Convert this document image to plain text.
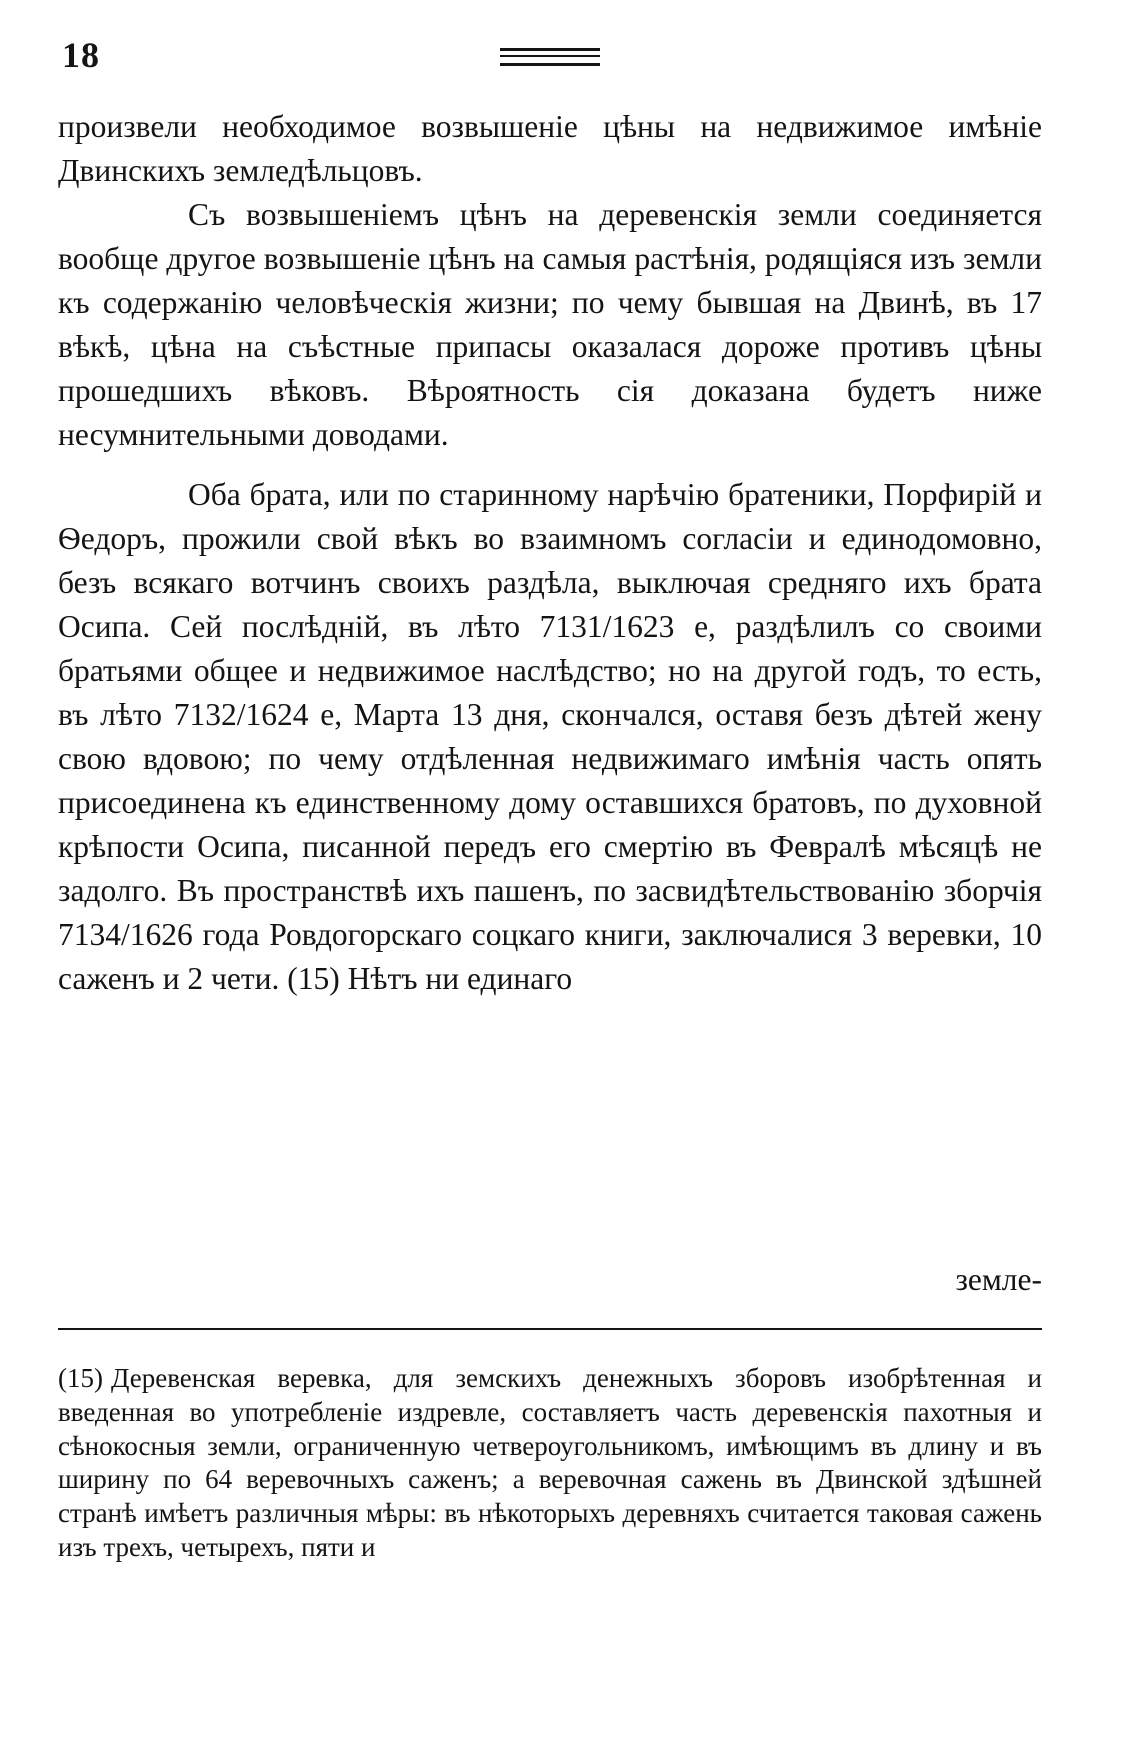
18

произвели необходимое возвышеніе цѣны на недвижимое имѣніе Двинскихъ земледѣльцовъ.

Съ возвышеніемъ цѣнъ на деревенскія земли соединяется вообще другое возвышеніе цѣнъ на самыя растѣнія, родящіяся изъ земли къ содержанію человѣческія жизни; по чему бывшая на Двинѣ, въ 17 вѣкѣ, цѣна на съѣстные припасы оказалася дороже противъ цѣны прошедшихъ вѣковъ. Вѣроятность сія доказана будетъ ниже несумнительными доводами.

Оба брата, или по старинному нарѣчію братеники, Порфирій и Ѳедоръ, прожили свой вѣкъ во взаимномъ согласіи и единодомовно, безъ всякаго вотчинъ своихъ раздѣла, выключая средняго ихъ брата Осипа. Сей послѣдній, въ лѣто 7131/1623 е, раздѣлилъ со своими братьями общее и недвижимое наслѣдство; но на другой годъ, то есть, въ лѣто 7132/1624 е, Марта 13 дня, скончался, оставя безъ дѣтей жену свою вдовою; по чему отдѣленная недвижимаго имѣнія часть опять присоединена къ единственному дому оставшихся братовъ, по духовной крѣпости Осипа, писанной передъ его смертію въ Февралѣ мѣсяцѣ не задолго. Въ пространствѣ ихъ пашенъ, по засвидѣтельствованію зборчія 7134/1626 года Ровдогорскаго соцкаго книги, заключалися 3 веревки, 10 саженъ и 2 чети. (15) Нѣтъ ни единаго

земле-

(15) Деревенская веревка, для земскихъ денежныхъ зборовъ изобрѣтенная и введенная во употребленіе издревле, составляетъ часть деревенскія пахотныя и сѣнокосныя земли, ограниченную четвероугольникомъ, имѣющимъ въ длину и въ ширину по 64 веревочныхъ саженъ; а веревочная сажень въ Двинской здѣшней странѣ имѣетъ различныя мѣры: въ нѣкоторыхъ деревняхъ считается таковая сажень изъ трехъ, четырехъ, пяти и
